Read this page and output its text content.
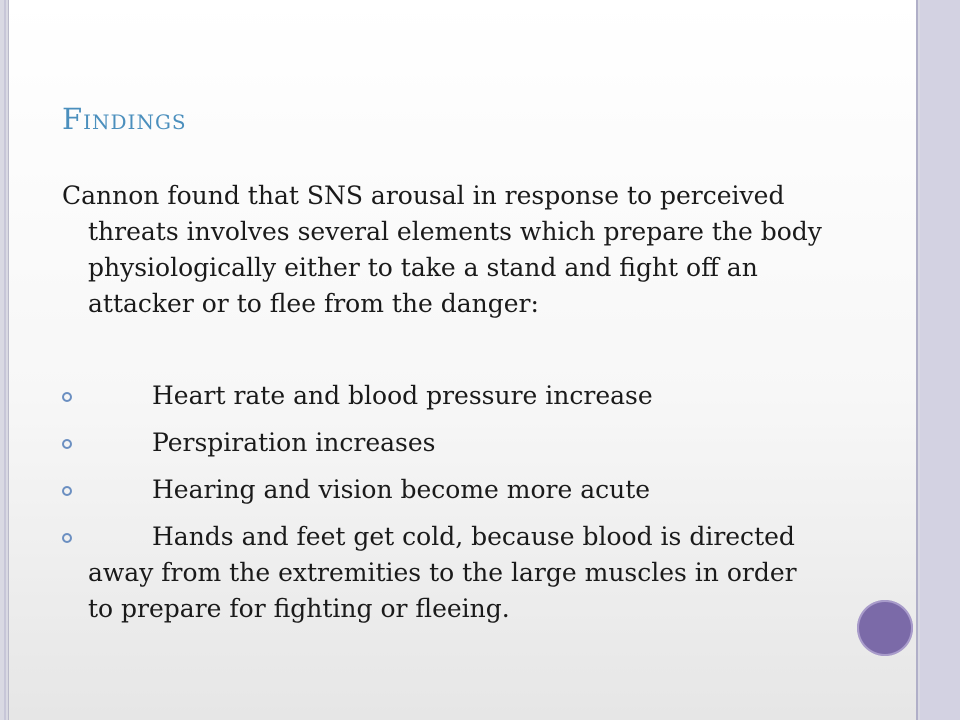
Findings

Cannon found that SNS arousal in response to perceived threats involves several elements which prepare the body physiologically either to take a stand and fight off an attacker or to flee from the danger:

Heart rate and blood pressure increase
Perspiration increases
Hearing and vision become more acute
Hands and feet get cold, because blood is directed away from the extremities to the large muscles in order to prepare for fighting or fleeing.
